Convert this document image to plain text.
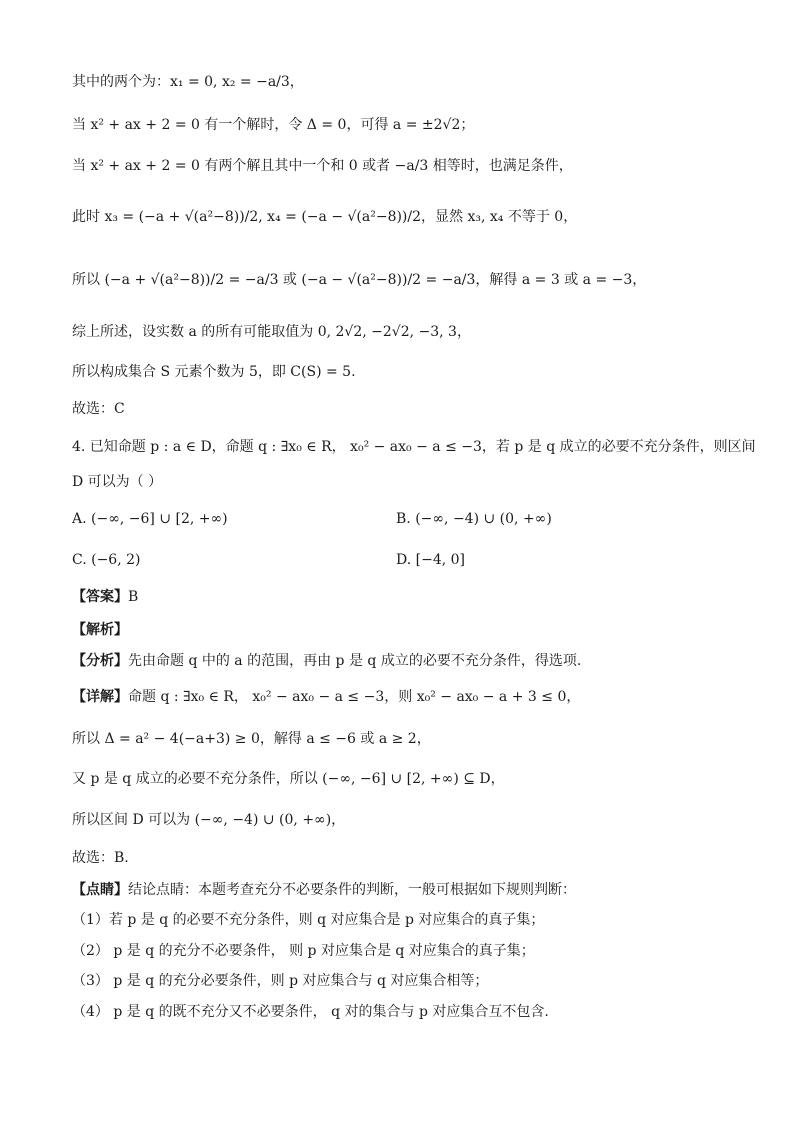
其中的两个为：x₁ = 0, x₂ = −a/3，
当 x² + ax + 2 = 0 有一个解时，令 Δ = 0，可得 a = ±2√2；
当 x² + ax + 2 = 0 有两个解且其中一个和 0 或者 −a/3 相等时，也满足条件，
此时 x₃ = (−a + √(a²−8))/2, x₄ = (−a − √(a²−8))/2，显然 x₃, x₄ 不等于 0，
所以 (−a + √(a²−8))/2 = −a/3 或 (−a − √(a²−8))/2 = −a/3，解得 a = 3 或 a = −3，
综上所述，设实数 a 的所有可能取值为 0, 2√2, −2√2, −3, 3，
所以构成集合 S 元素个数为 5，即 C(S) = 5.
故选：C
4. 已知命题 p : a ∈ D，命题 q : ∃x₀ ∈ R， x₀² − ax₀ − a ≤ −3，若 p 是 q 成立的必要不充分条件，则区间
D 可以为（ ）
A. (−∞, −6] ∪ [2, +∞)	B. (−∞, −4) ∪ (0, +∞)
C. (−6, 2)	D. [−4, 0]
【答案】B
【解析】
【分析】先由命题 q 中的 a 的范围，再由 p 是 q 成立的必要不充分条件，得选项.
【详解】命题 q : ∃x₀ ∈ R， x₀² − ax₀ − a ≤ −3，则 x₀² − ax₀ − a + 3 ≤ 0，
所以 Δ = a² − 4(−a+3) ≥ 0，解得 a ≤ −6 或 a ≥ 2，
又 p 是 q 成立的必要不充分条件，所以 (−∞, −6] ∪ [2, +∞) ⊆ D，
所以区间 D 可以为 (−∞, −4) ∪ (0, +∞)，
故选：B.
【点睛】结论点睛：本题考查充分不必要条件的判断，一般可根据如下规则判断：
（1）若 p 是 q 的必要不充分条件，则 q 对应集合是 p 对应集合的真子集；
（2） p 是 q 的充分不必要条件， 则 p 对应集合是 q 对应集合的真子集；
（3） p 是 q 的充分必要条件，则 p 对应集合与 q 对应集合相等；
（4） p 是 q 的既不充分又不必要条件， q 对的集合与 p 对应集合互不包含.
